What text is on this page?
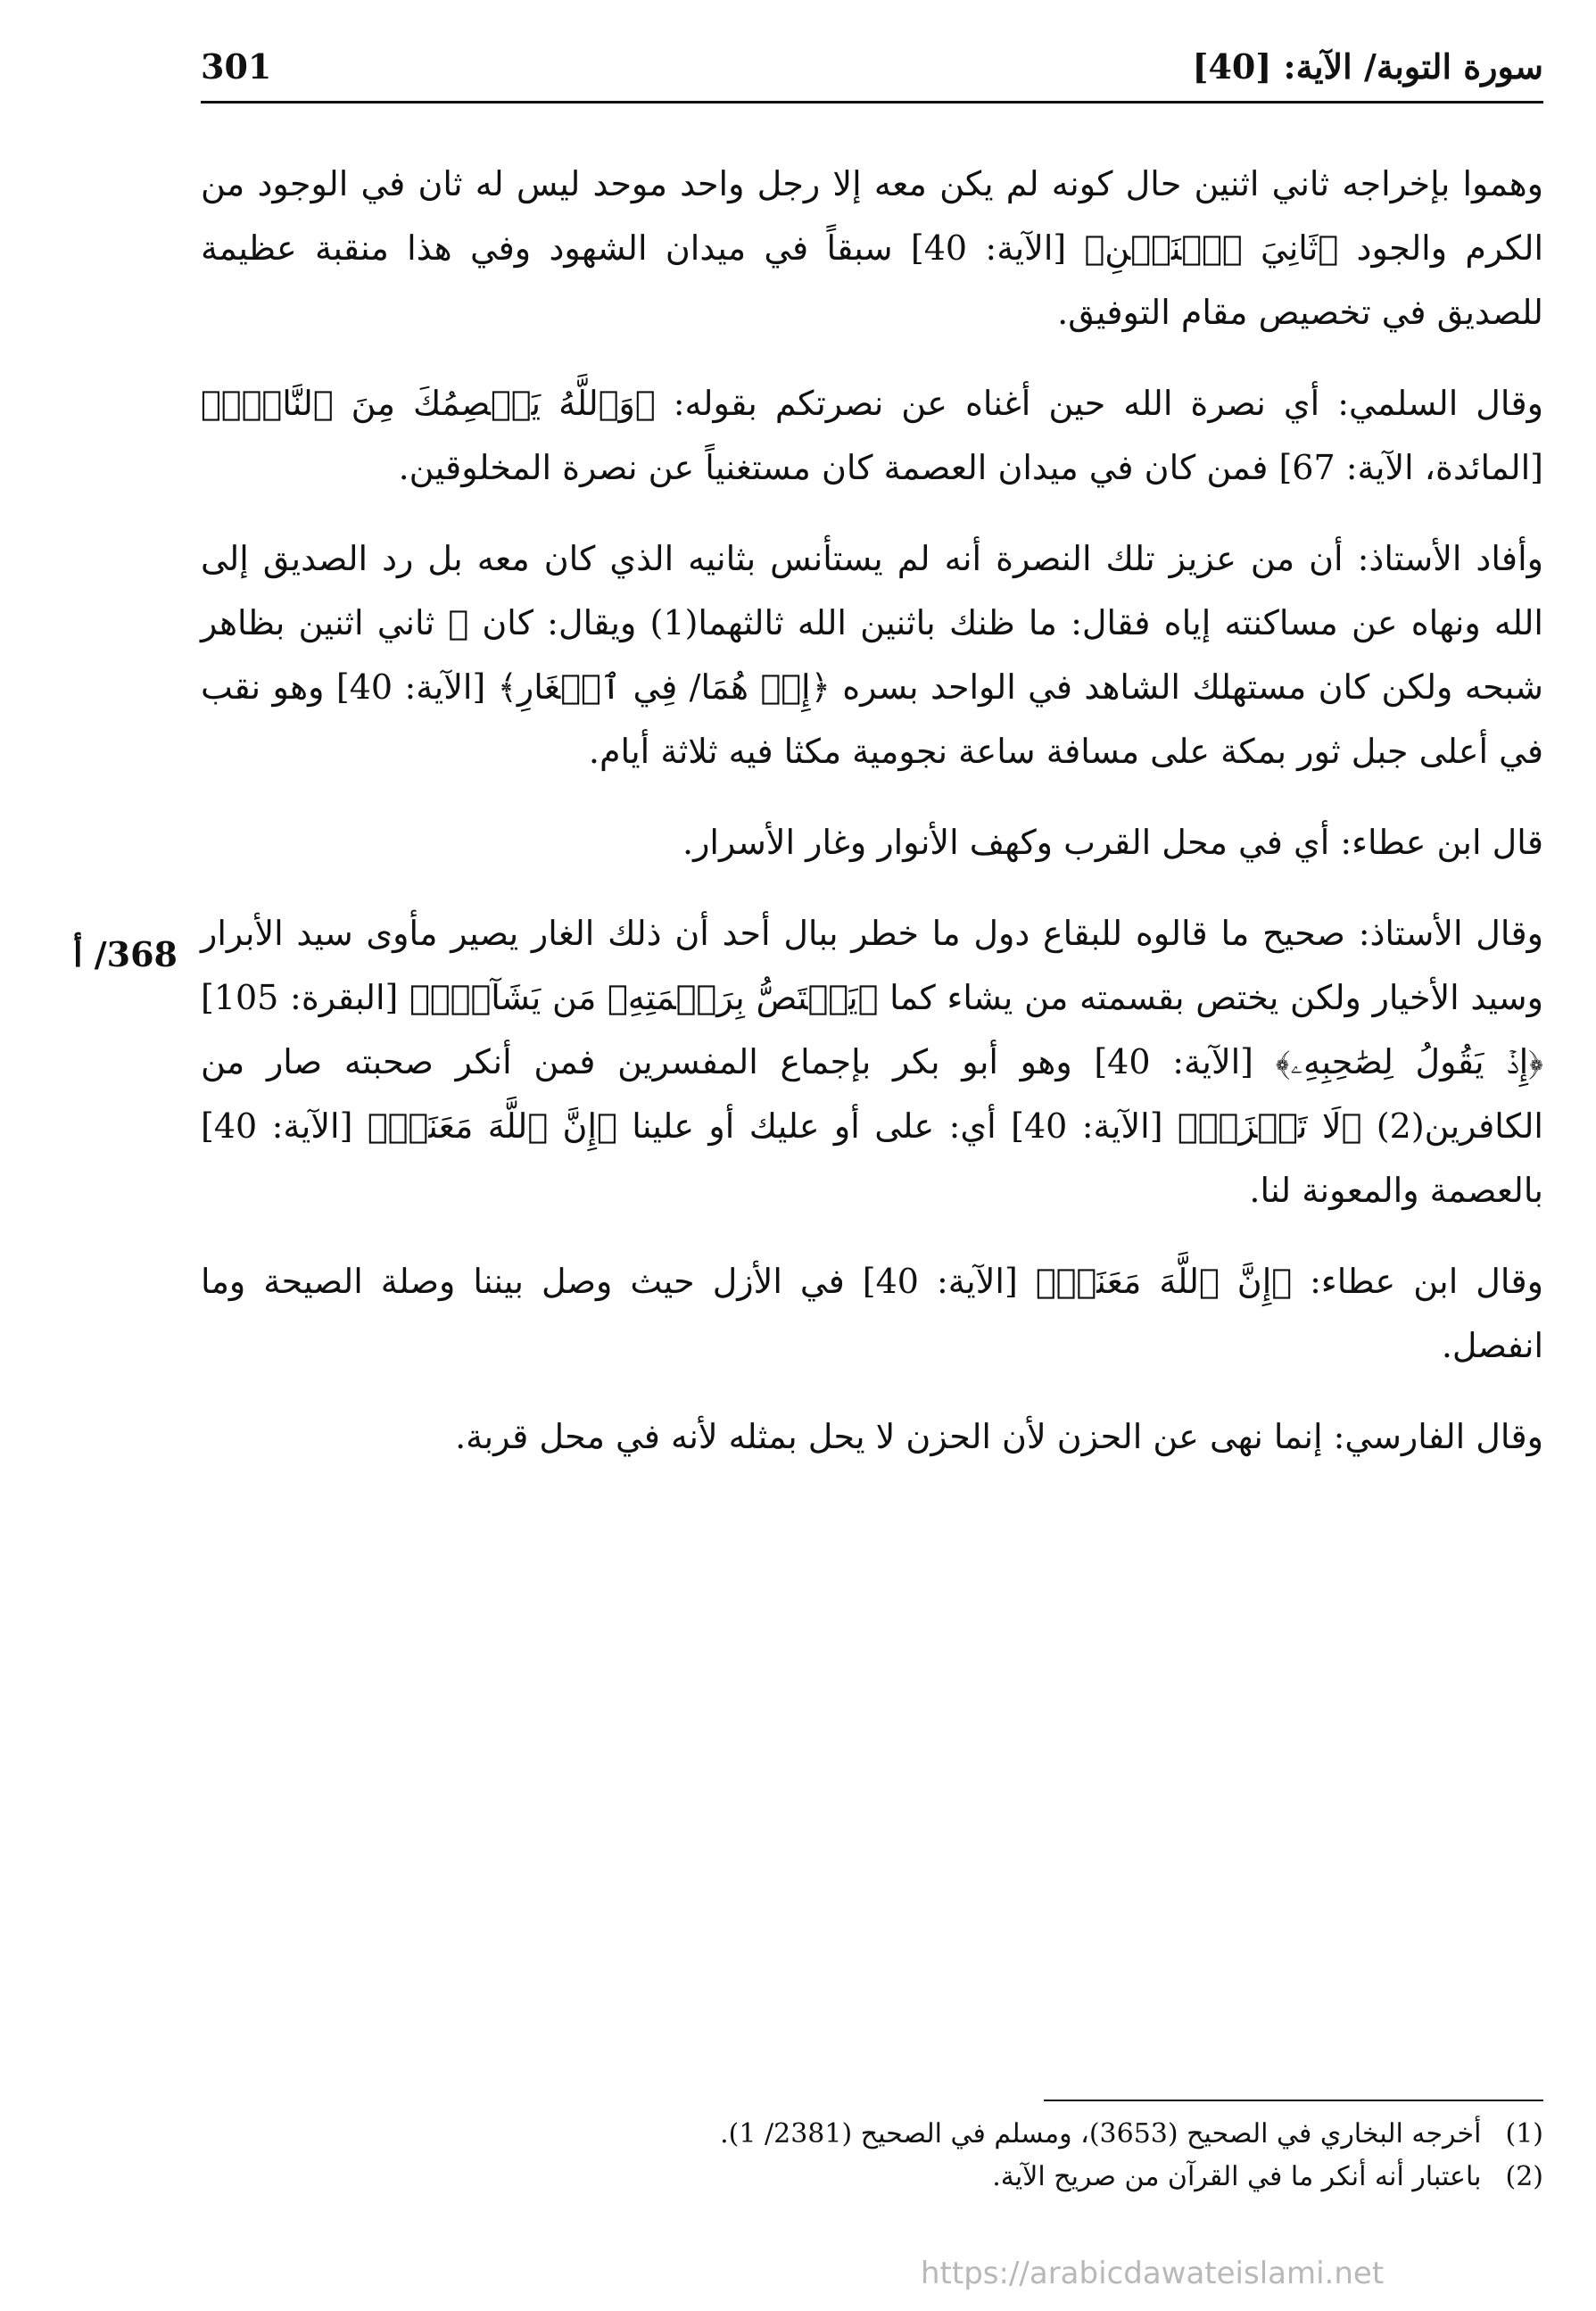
301	سورة التوبة/ الآية: [40]
368/ أ

وهموا بإخراجه ثاني اثنين حال كونه لم يكن معه إلا رجل واحد موحد ليس له ثان في الوجود من الكرم والجود ﴿ثَانِيَ ٱثۡنَيۡنِ﴾ [الآية: 40] سبقاً في ميدان الشهود وفي هذا منقبة عظيمة للصديق في تخصيص مقام التوفيق.

وقال السلمي: أي نصرة الله حين أغناه عن نصرتكم بقوله: ﴿وَٱللَّهُ يَعۡصِمُكَ مِنَ ٱلنَّاسِۗ﴾ [المائدة، الآية: 67] فمن كان في ميدان العصمة كان مستغنياً عن نصرة المخلوقين.

وأفاد الأستاذ: أن من عزيز تلك النصرة أنه لم يستأنس بثانيه الذي كان معه بل رد الصديق إلى الله ونهاه عن مساكنته إياه فقال: ما ظنك باثنين الله ثالثهما(1) ويقال: كان ﷺ ثاني اثنين بظاهر شبحه ولكن كان مستهلك الشاهد في الواحد بسره ﴿إِذۡ هُمَا/ فِي ٱلۡغَارِ﴾ [الآية: 40] وهو نقب في أعلى جبل ثور بمكة على مسافة ساعة نجومية مكثا فيه ثلاثة أيام.

قال ابن عطاء: أي في محل القرب وكهف الأنوار وغار الأسرار.

وقال الأستاذ: صحيح ما قالوه للبقاع دول ما خطر ببال أحد أن ذلك الغار يصير مأوى سيد الأبرار وسيد الأخيار ولكن يختص بقسمته من يشاء كما ﴿يَخۡتَصُّ بِرَحۡمَتِهِۦ مَن يَشَآءُۚ﴾ [البقرة: 105] ﴿إِذۡ يَقُولُ لِصَٰحِبِهِۦ﴾ [الآية: 40] وهو أبو بكر بإجماع المفسرين فمن أنكر صحبته صار من الكافرين(2) ﴿لَا تَحۡزَنۡ﴾ [الآية: 40] أي: على أو عليك أو علينا ﴿إِنَّ ٱللَّهَ مَعَنَاۖ﴾ [الآية: 40] بالعصمة والمعونة لنا.

وقال ابن عطاء: ﴿إِنَّ ٱللَّهَ مَعَنَاۖ﴾ [الآية: 40] في الأزل حيث وصل بيننا وصلة الصيحة وما انفصل.

وقال الفارسي: إنما نهى عن الحزن لأن الحزن لا يحل بمثله لأنه في محل قربة.

(1) أخرجه البخاري في الصحيح (3653)، ومسلم في الصحيح (2381/ 1).

(2) باعتبار أنه أنكر ما في القرآن من صريح الآية.

https://arabicdawateislami.net
